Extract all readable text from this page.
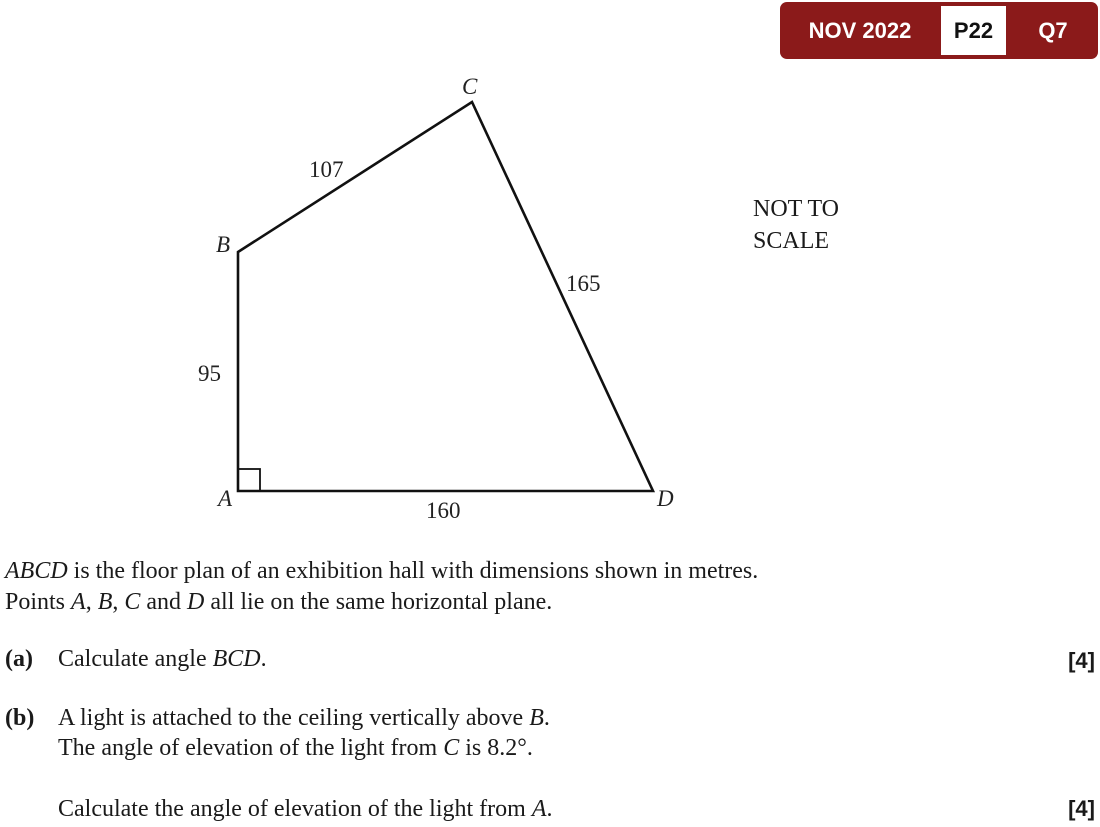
NOV 2022	P22	Q7
A
B
C
D
95
107
165
160
NOT TO
SCALE
ABCD is the floor plan of an exhibition hall with dimensions shown in metres.
Points A, B, C and D all lie on the same horizontal plane.
(a) Calculate angle BCD.	[4]
(b) A light is attached to the ceiling vertically above B.
The angle of elevation of the light from C is 8.2°.
Calculate the angle of elevation of the light from A.	[4]
